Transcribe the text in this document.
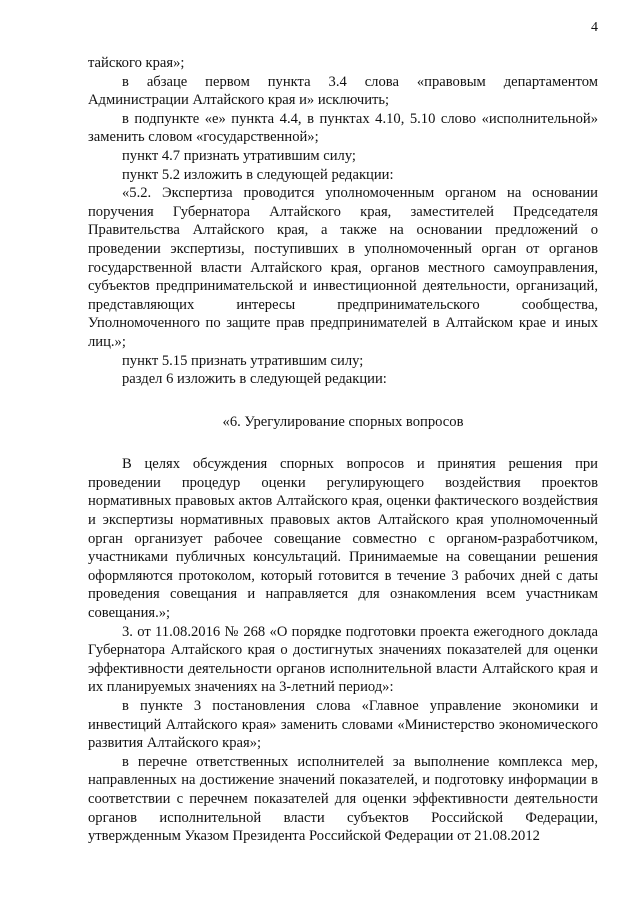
4

тайского края»;

в абзаце первом пункта 3.4 слова «правовым департаментом Администрации Алтайского края и» исключить;

в подпункте «е» пункта 4.4, в пунктах 4.10, 5.10 слово «исполнительной» заменить словом «государственной»;

пункт 4.7 признать утратившим силу;

пункт 5.2 изложить в следующей редакции:

«5.2. Экспертиза проводится уполномоченным органом на основании поручения Губернатора Алтайского края, заместителей Председателя Правительства Алтайского края, а также на основании предложений о проведении экспертизы, поступивших в уполномоченный орган от органов государственной власти Алтайского края, органов местного самоуправления, субъектов предпринимательской и инвестиционной деятельности, организаций, представляющих интересы предпринимательского сообщества, Уполномоченного по защите прав предпринимателей в Алтайском крае и иных лиц.»;

пункт 5.15 признать утратившим силу;

раздел 6 изложить в следующей редакции:

«6. Урегулирование спорных вопросов

В целях обсуждения спорных вопросов и принятия решения при проведении процедур оценки регулирующего воздействия проектов нормативных правовых актов Алтайского края, оценки фактического воздействия и экспертизы нормативных правовых актов Алтайского края уполномоченный орган организует рабочее совещание совместно с органом-разработчиком, участниками публичных консультаций. Принимаемые на совещании решения оформляются протоколом, который готовится в течение 3 рабочих дней с даты проведения совещания и направляется для ознакомления всем участникам совещания.»;

3. от 11.08.2016 № 268 «О порядке подготовки проекта ежегодного доклада Губернатора Алтайского края о достигнутых значениях показателей для оценки эффективности деятельности органов исполнительной власти Алтайского края и их планируемых значениях на 3-летний период»:

в пункте 3 постановления слова «Главное управление экономики и инвестиций Алтайского края» заменить словами «Министерство экономического развития Алтайского края»;

в перечне ответственных исполнителей за выполнение комплекса мер, направленных на достижение значений показателей, и подготовку информации в соответствии с перечнем показателей для оценки эффективности деятельности органов исполнительной власти субъектов Российской Федерации, утвержденным Указом Президента Российской Федерации от 21.08.2012
